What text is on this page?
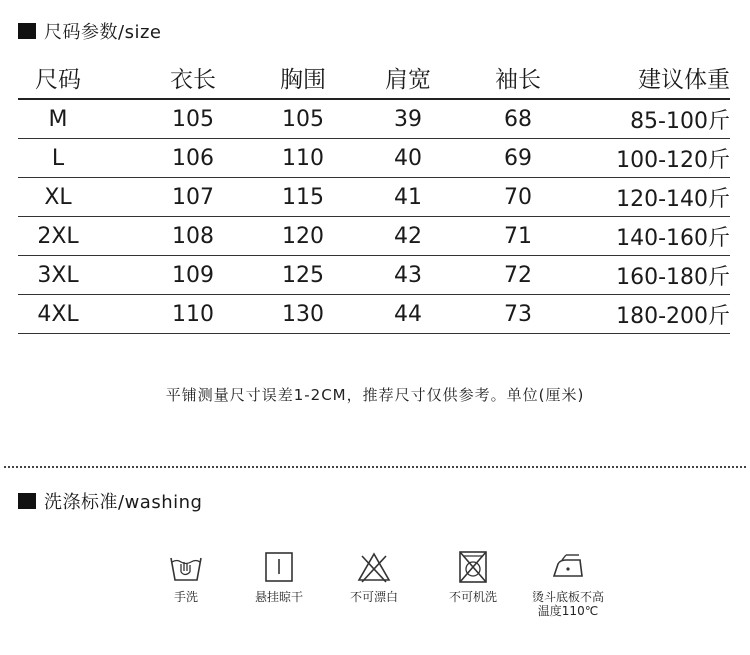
尺码参数/size
尺码	衣长	胸围	肩宽	袖长	建议体重
M	105	105	39	68	85-100斤
L	106	110	40	69	100-120斤
XL	107	115	41	70	120-140斤
2XL	108	120	42	71	140-160斤
3XL	109	125	43	72	160-180斤
4XL	110	130	44	73	180-200斤
平铺测量尺寸误差1-2CM，推荐尺寸仅供参考。单位(厘米)
洗涤标准/washing
手洗	悬挂晾干	不可漂白	不可机洗	烫斗底板不高
温度110℃
